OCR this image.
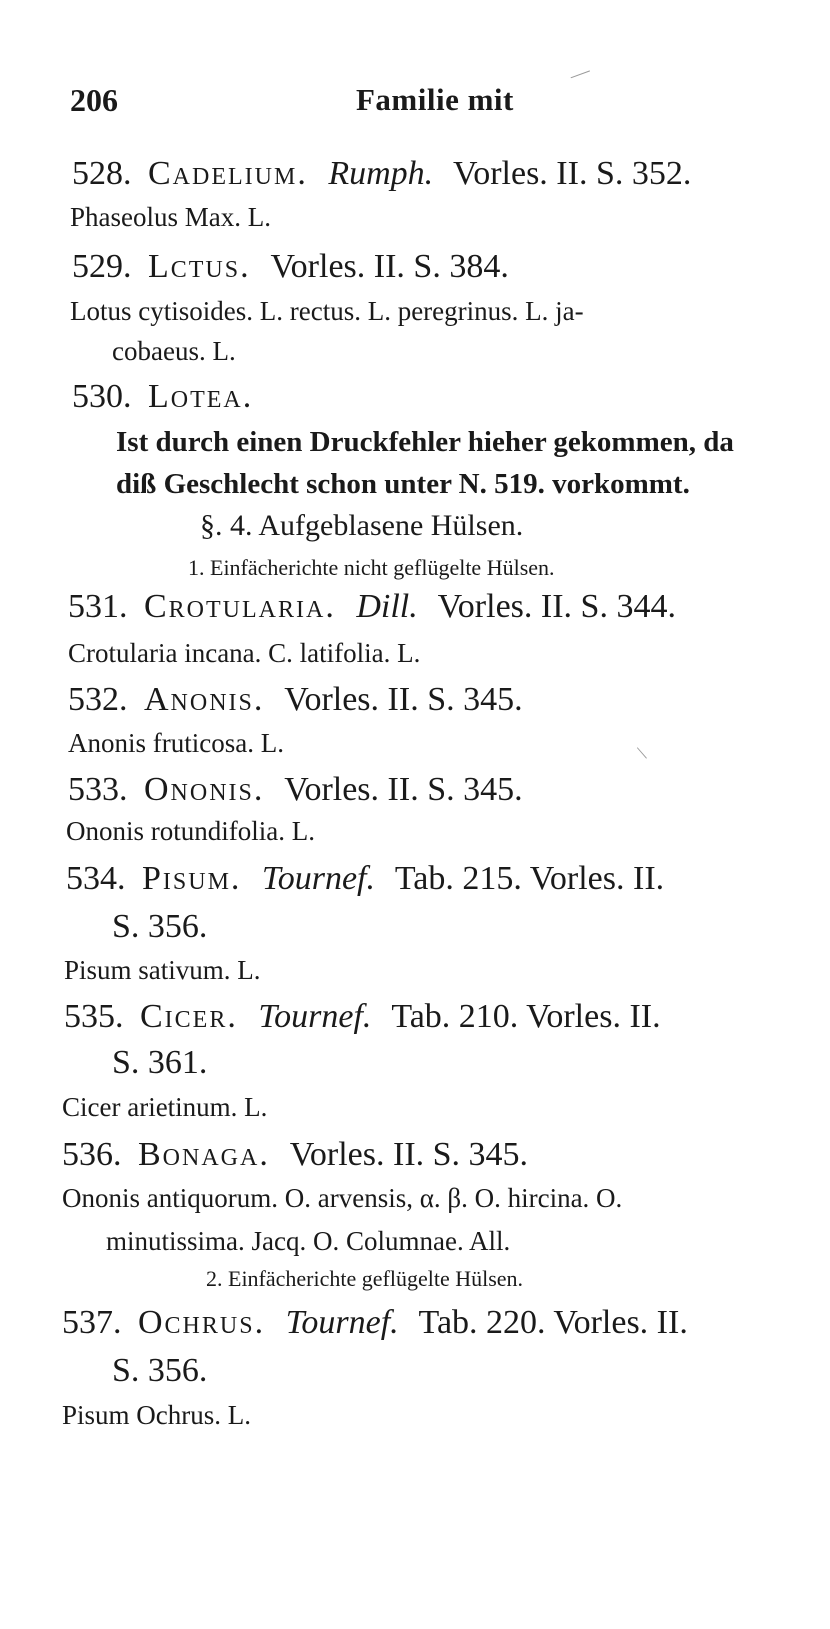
206	Familie mit
528. Cadelium. Rumph. Vorles. II. S. 352.
Phaseolus Max. L.
529. Lctus. Vorles. II. S. 384.
Lotus cytisoides. L. rectus. L. peregrinus. L. ja-
cobaeus. L.
530. Lotea.
Ist durch einen Druckfehler hieher gekommen, da
diß Geschlecht schon unter N. 519. vorkommt.
§. 4. Aufgeblasene Hülsen.
1. Einfächerichte nicht geflügelte Hülsen.
531. Crotularia. Dill. Vorles. II. S. 344.
Crotularia incana. C. latifolia. L.
532. Anonis. Vorles. II. S. 345.
Anonis fruticosa. L.
533. Ononis. Vorles. II. S. 345.
Ononis rotundifolia. L.
534. Pisum. Tournef. Tab. 215. Vorles. II.
S. 356.
Pisum sativum. L.
535. Cicer. Tournef. Tab. 210. Vorles. II.
S. 361.
Cicer arietinum. L.
536. Bonaga. Vorles. II. S. 345.
Ononis antiquorum. O. arvensis, α. β. O. hircina. O.
minutissima. Jacq. O. Columnae. All.
2. Einfächerichte geflügelte Hülsen.
537. Ochrus. Tournef. Tab. 220. Vorles. II.
S. 356.
Pisum Ochrus. L.
—
/
